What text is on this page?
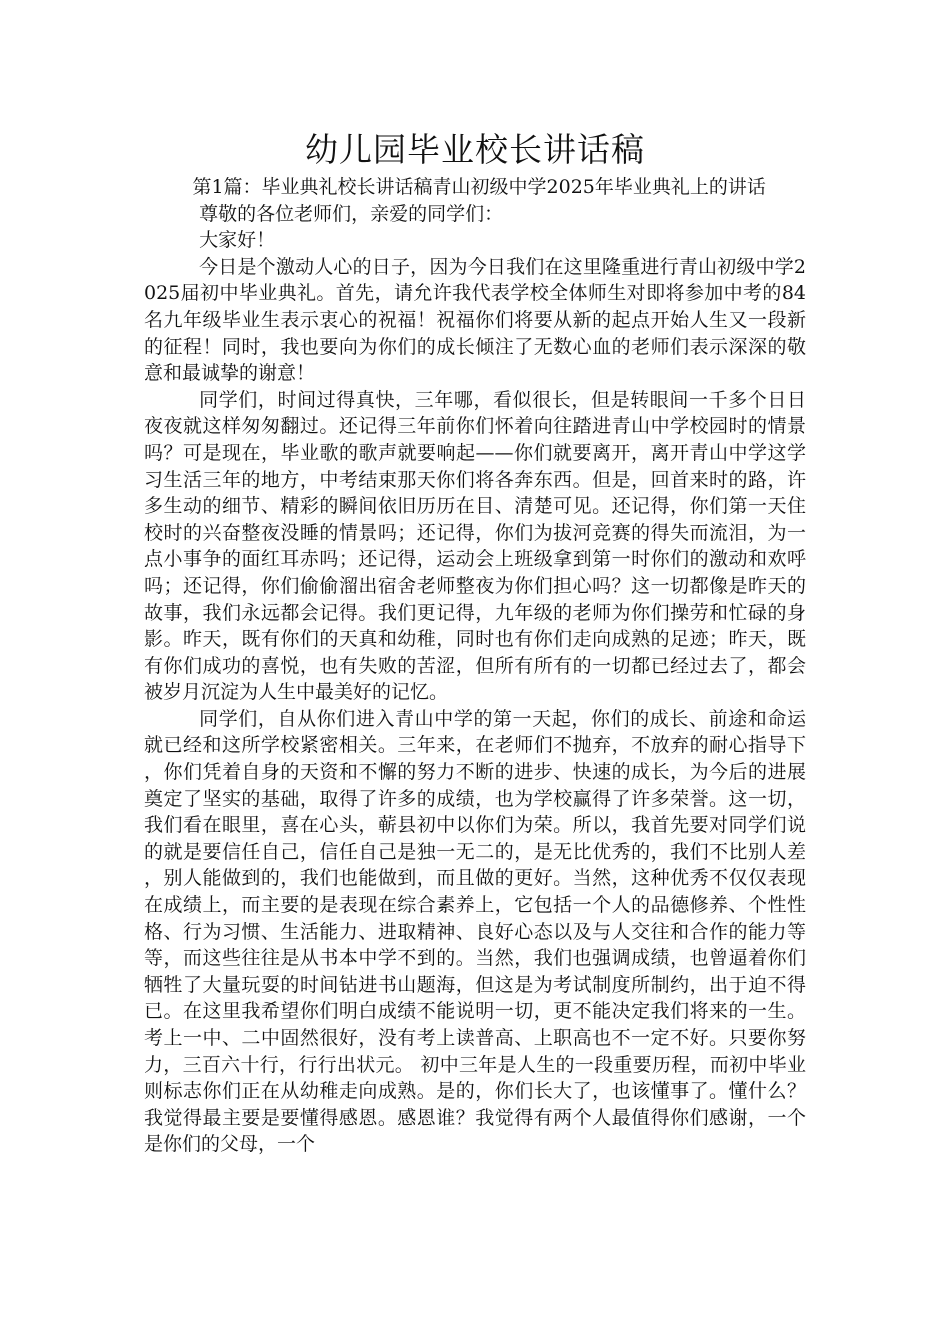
幼儿园毕业校长讲话稿

第1篇：毕业典礼校长讲话稿青山初级中学2025年毕业典礼上的讲话

尊敬的各位老师们，亲爱的同学们：

大家好！

今日是个激动人心的日子，因为今日我们在这里隆重进行青山初级中学2025届初中毕业典礼。首先，请允许我代表学校全体师生对即将参加中考的84名九年级毕业生表示衷心的祝福！祝福你们将要从新的起点开始人生又一段新的征程！同时，我也要向为你们的成长倾注了无数心血的老师们表示深深的敬意和最诚挚的谢意！

同学们，时间过得真快，三年哪，看似很长，但是转眼间一千多个日日夜夜就这样匆匆翻过。还记得三年前你们怀着向往踏进青山中学校园时的情景吗？可是现在，毕业歌的歌声就要响起——你们就要离开，离开青山中学这学习生活三年的地方，中考结束那天你们将各奔东西。但是，回首来时的路，许多生动的细节、精彩的瞬间依旧历历在目、清楚可见。还记得，你们第一天住校时的兴奋整夜没睡的情景吗；还记得，你们为拔河竞赛的得失而流泪，为一点小事争的面红耳赤吗；还记得，运动会上班级拿到第一时你们的激动和欢呼吗；还记得，你们偷偷溜出宿舍老师整夜为你们担心吗？这一切都像是昨天的故事，我们永远都会记得。我们更记得，九年级的老师为你们操劳和忙碌的身影。昨天，既有你们的天真和幼稚，同时也有你们走向成熟的足迹；昨天，既有你们成功的喜悦，也有失败的苦涩，但所有所有的一切都已经过去了，都会被岁月沉淀为人生中最美好的记忆。

同学们，自从你们进入青山中学的第一天起，你们的成长、前途和命运就已经和这所学校紧密相关。三年来，在老师们不抛弃，不放弃的耐心指导下，你们凭着自身的天资和不懈的努力不断的进步、快速的成长，为今后的进展奠定了坚实的基础，取得了许多的成绩，也为学校赢得了许多荣誉。这一切，我们看在眼里，喜在心头，蕲县初中以你们为荣。所以，我首先要对同学们说的就是要信任自己，信任自己是独一无二的，是无比优秀的，我们不比别人差，别人能做到的，我们也能做到，而且做的更好。当然，这种优秀不仅仅表现在成绩上，而主要的是表现在综合素养上，它包括一个人的品德修养、个性性格、行为习惯、生活能力、进取精神、良好心态以及与人交往和合作的能力等等，而这些往往是从书本中学不到的。当然，我们也强调成绩，也曾逼着你们牺牲了大量玩耍的时间钻进书山题海，但这是为考试制度所制约，出于迫不得已。在这里我希望你们明白成绩不能说明一切，更不能决定我们将来的一生。考上一中、二中固然很好，没有考上读普高、上职高也不一定不好。只要你努力，三百六十行，行行出状元。 初中三年是人生的一段重要历程，而初中毕业则标志你们正在从幼稚走向成熟。是的，你们长大了，也该懂事了。懂什么？我觉得最主要是要懂得感恩。感恩谁？我觉得有两个人最值得你们感谢，一个是你们的父母，一个
